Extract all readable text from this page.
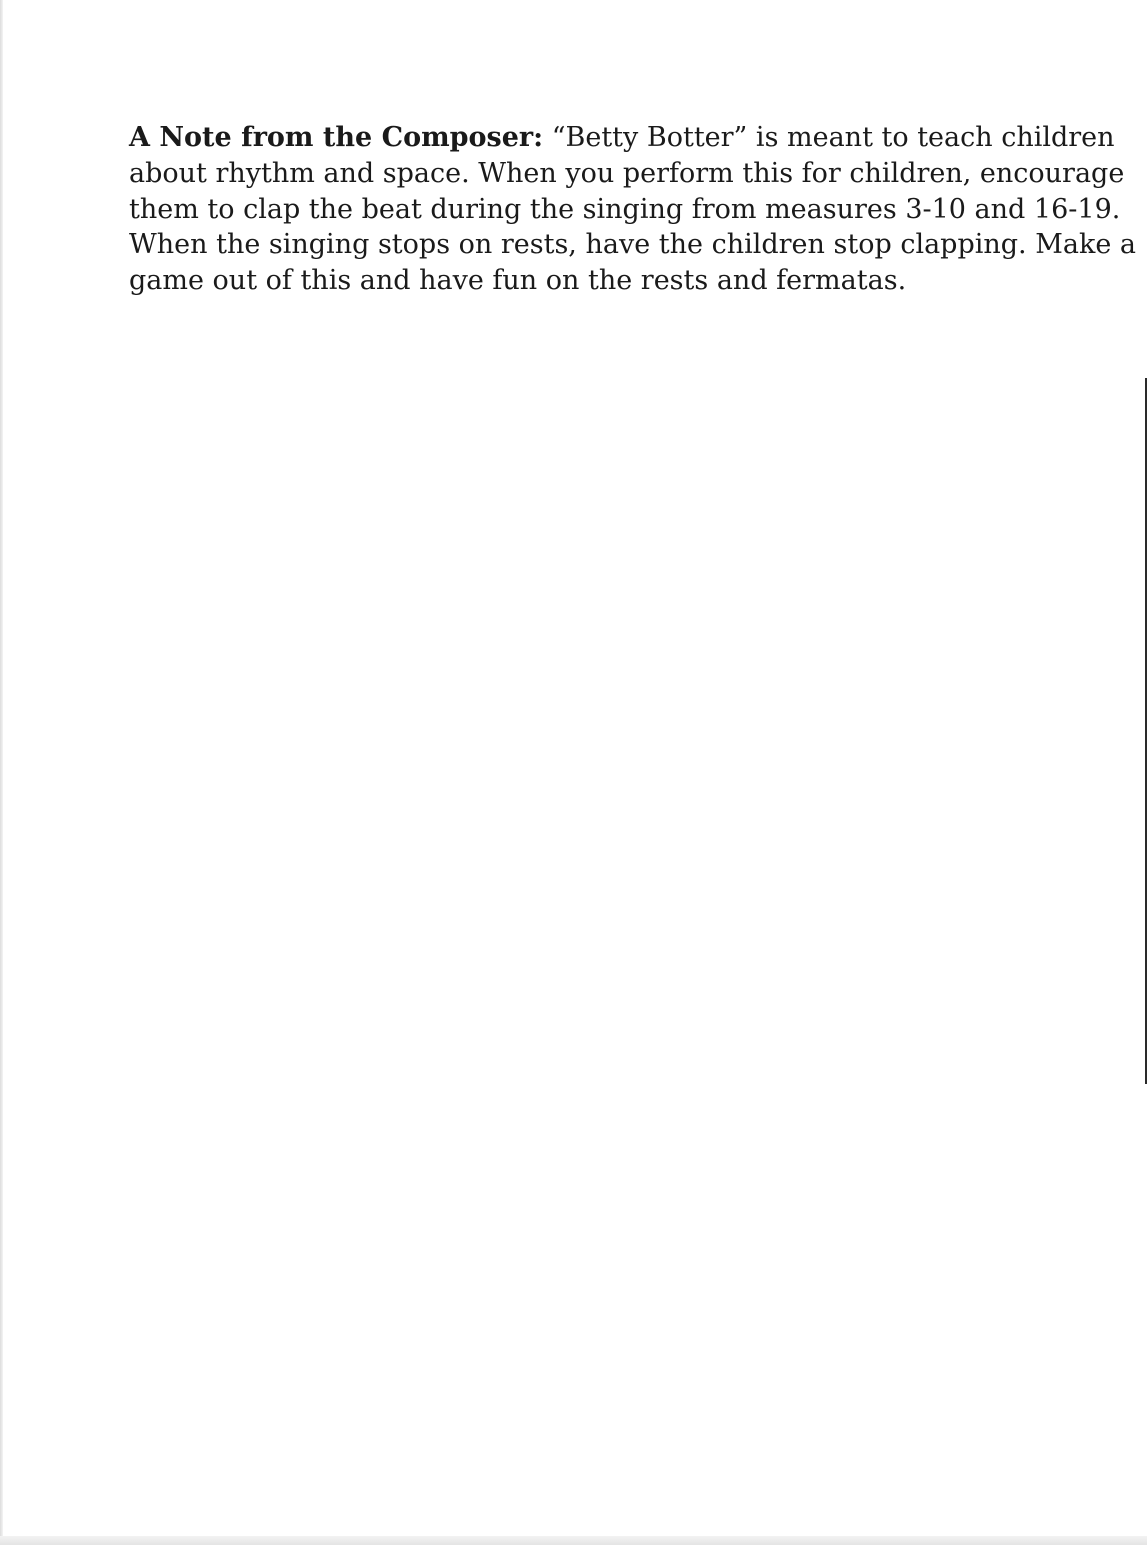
A Note from the Composer: “Betty Botter” is meant to teach children
about rhythm and space. When you perform this for children, encourage
them to clap the beat during the singing from measures 3-10 and 16-19.
When the singing stops on rests, have the children stop clapping. Make a
game out of this and have fun on the rests and fermatas.
